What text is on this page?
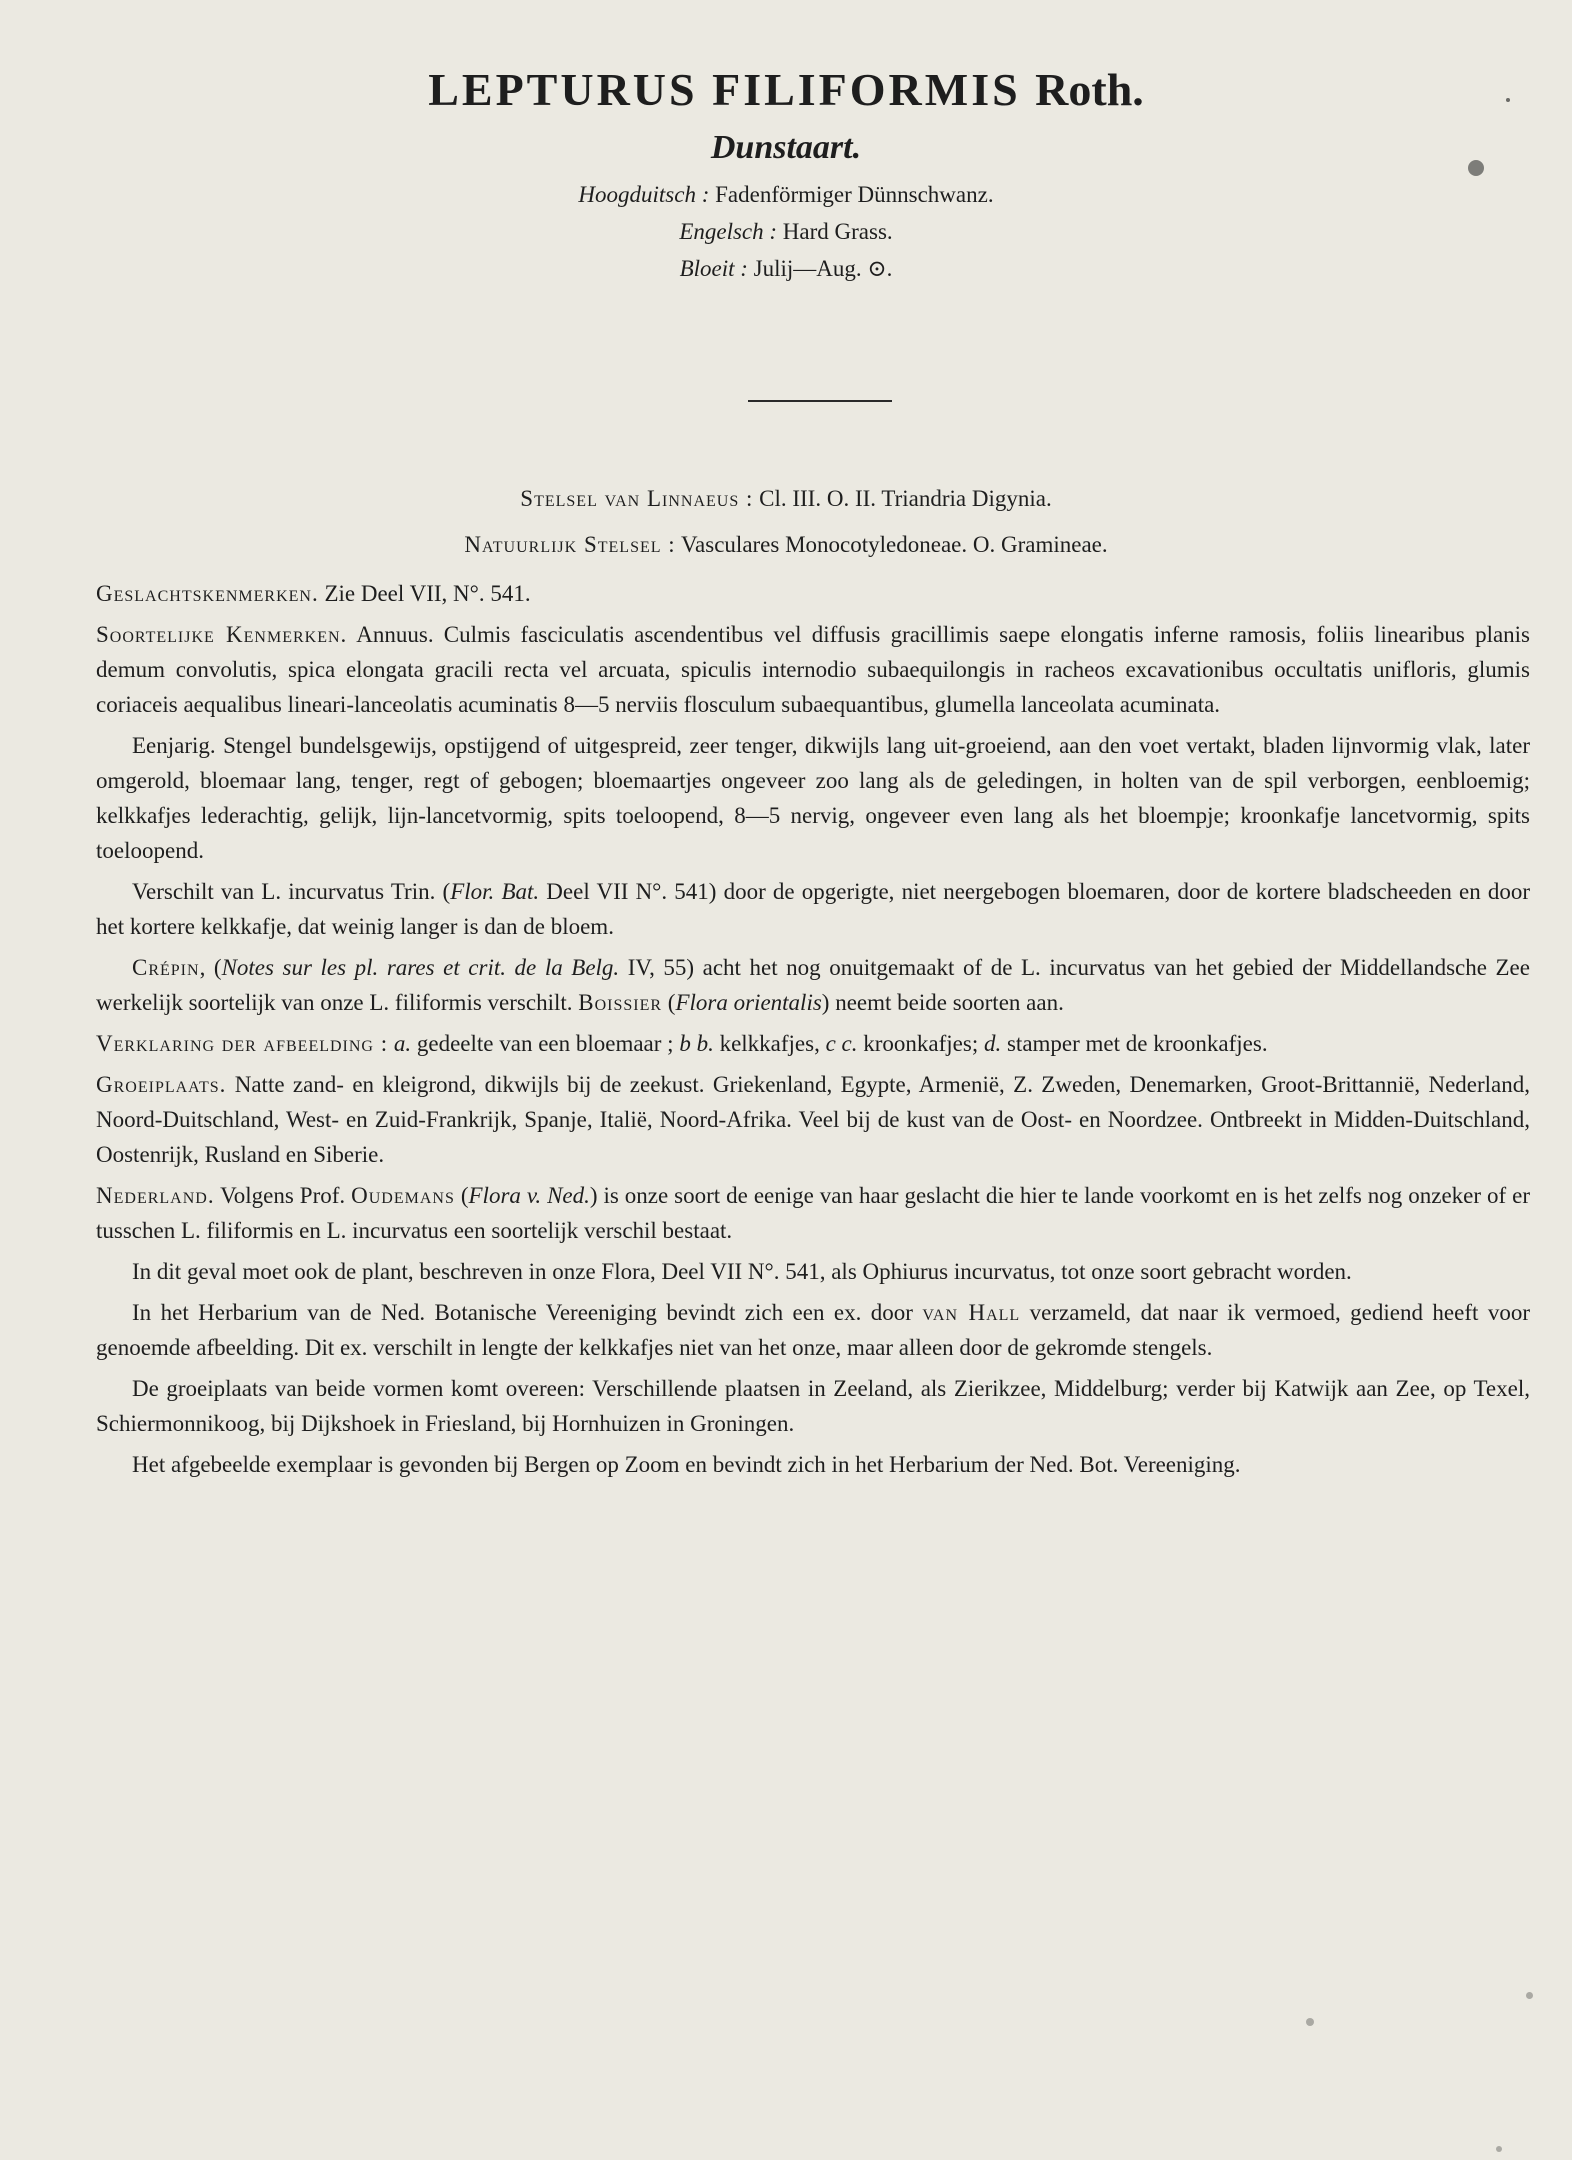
LEPTURUS FILIFORMIS Roth.
Dunstaart.
Hoogduitsch : Fadenförmiger Dünnschwanz.
Engelsch : Hard Grass.
Bloeit : Julij—Aug. ⊙.
Stelsel van Linnaeus : Cl. III. O. II. Triandria Digynia.
Natuurlijk Stelsel : Vasculares Monocotyledoneae. O. Gramineae.

Geslachtskenmerken. Zie Deel VII, N°. 541.

Soortelijke Kenmerken. Annuus. Culmis fasciculatis ascendentibus vel diffusis gracillimis saepe elongatis inferne ramosis, foliis linearibus planis demum convolutis, spica elongata gracili recta vel arcuata, spiculis internodio subaequilongis in racheos excavationibus occultatis unifloris, glumis coriaceis aequalibus lineari-lanceolatis acuminatis 8—5 nerviis flosculum subaequantibus, glumella lanceolata acuminata.

Eenjarig. Stengel bundelsgewijs, opstijgend of uitgespreid, zeer tenger, dikwijls lang uit-groeiend, aan den voet vertakt, bladen lijnvormig vlak, later omgerold, bloemaar lang, tenger, regt of gebogen; bloemaartjes ongeveer zoo lang als de geledingen, in holten van de spil verborgen, eenbloemig; kelkkafjes lederachtig, gelijk, lijn-lancetvormig, spits toeloopend, 8—5 nervig, ongeveer even lang als het bloempje; kroonkafje lancetvormig, spits toeloopend.

Verschilt van L. incurvatus Trin. (Flor. Bat. Deel VII N°. 541) door de opgerigte, niet neergebogen bloemaren, door de kortere bladscheeden en door het kortere kelkkafje, dat weinig langer is dan de bloem.

Crépin, (Notes sur les pl. rares et crit. de la Belg. IV, 55) acht het nog onuitgemaakt of de L. incurvatus van het gebied der Middellandsche Zee werkelijk soortelijk van onze L. filiformis verschilt. Boissier (Flora orientalis) neemt beide soorten aan.

Verklaring der afbeelding : a. gedeelte van een bloemaar ; b b. kelkkafjes, c c. kroonkafjes; d. stamper met de kroonkafjes.

Groeiplaats. Natte zand- en kleigrond, dikwijls bij de zeekust. Griekenland, Egypte, Armenië, Z. Zweden, Denemarken, Groot-Brittannië, Nederland, Noord-Duitschland, West- en Zuid-Frankrijk, Spanje, Italië, Noord-Afrika. Veel bij de kust van de Oost- en Noordzee. Ontbreekt in Midden-Duitschland, Oostenrijk, Rusland en Siberie.

Nederland. Volgens Prof. Oudemans (Flora v. Ned.) is onze soort de eenige van haar geslacht die hier te lande voorkomt en is het zelfs nog onzeker of er tusschen L. filiformis en L. incurvatus een soortelijk verschil bestaat.

In dit geval moet ook de plant, beschreven in onze Flora, Deel VII N°. 541, als Ophiurus incurvatus, tot onze soort gebracht worden.

In het Herbarium van de Ned. Botanische Vereeniging bevindt zich een ex. door van Hall verzameld, dat naar ik vermoed, gediend heeft voor genoemde afbeelding. Dit ex. verschilt in lengte der kelkkafjes niet van het onze, maar alleen door de gekromde stengels.

De groeiplaats van beide vormen komt overeen: Verschillende plaatsen in Zeeland, als Zierikzee, Middelburg; verder bij Katwijk aan Zee, op Texel, Schiermonnikoog, bij Dijkshoek in Friesland, bij Hornhuizen in Groningen.

Het afgebeelde exemplaar is gevonden bij Bergen op Zoom en bevindt zich in het Herbarium der Ned. Bot. Vereeniging.
